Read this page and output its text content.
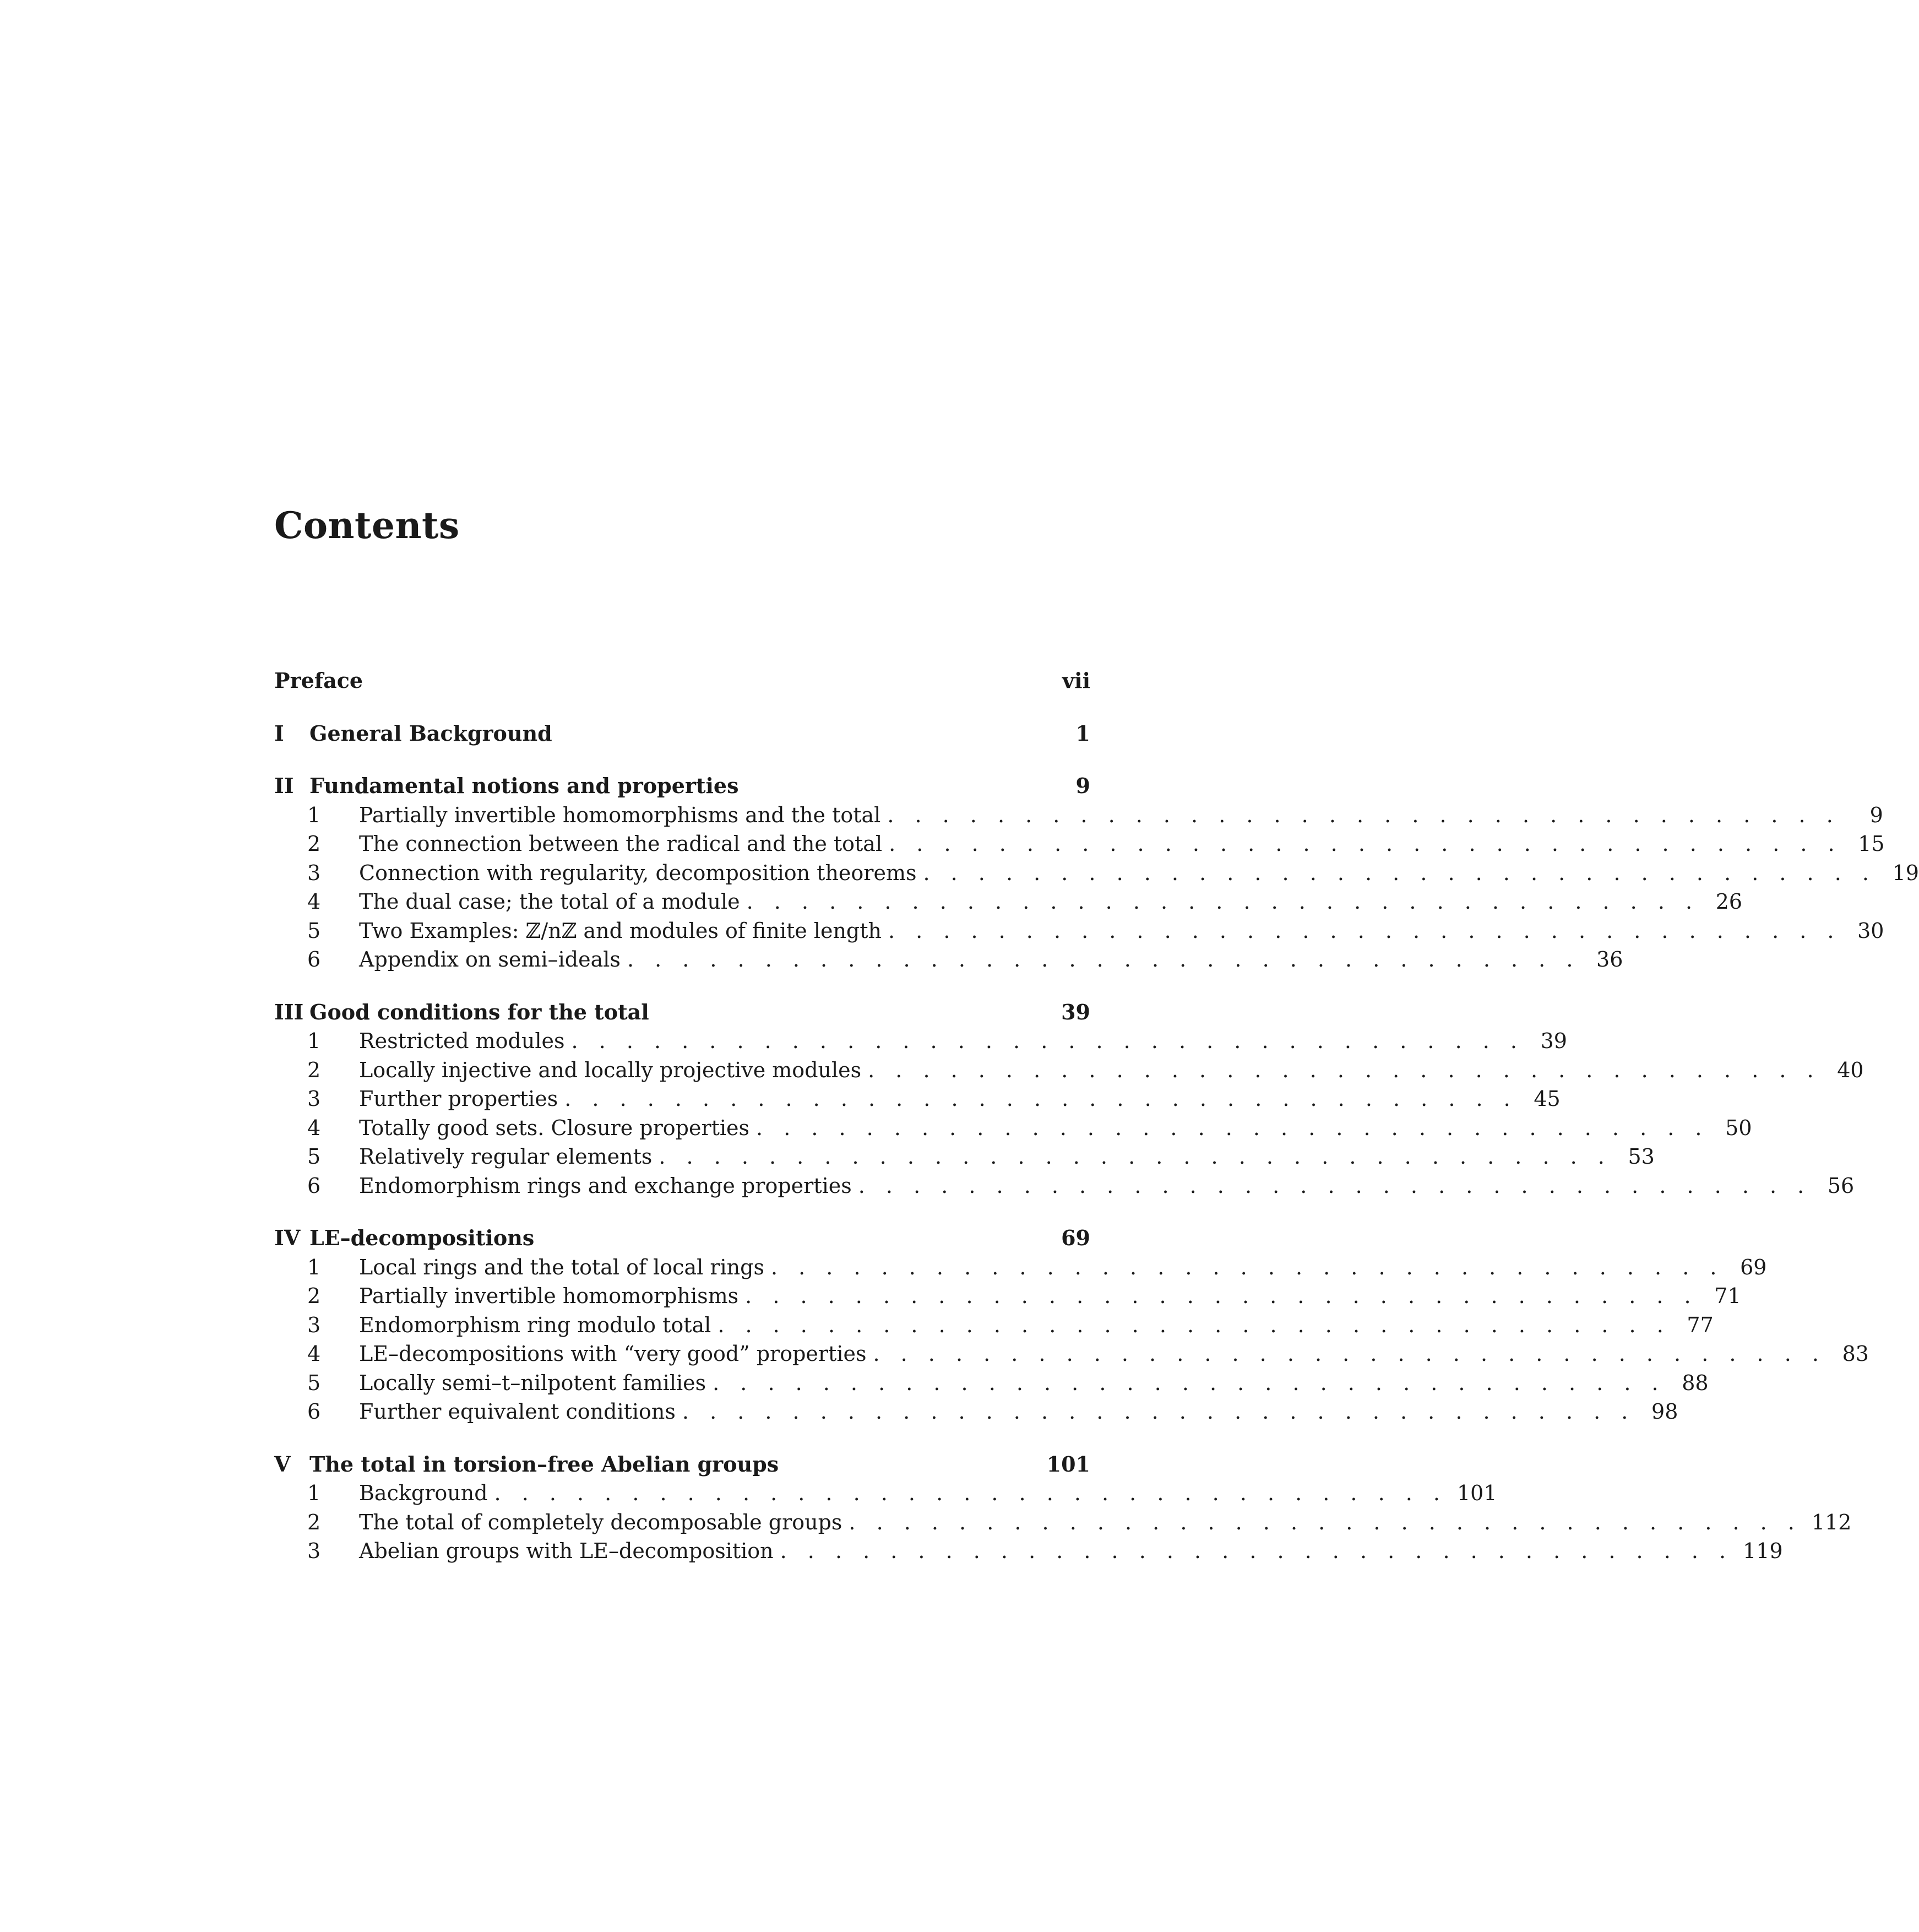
Contents
Preface	vii
I	General Background	1
II Fundamental notions and properties	9
1	Partially invertible homomorphisms and the total . . . . . . . . . . . . . . . . . . . . . . . . . . . . . . . . . . .	9
2	The connection between the radical and the total . . . . . . . . . . . . . . . . . . . . . . . . . . . . . . . . . . . 15
3	Connection with regularity, decomposition theorems . . . . . . . . . . . . . . . . . . . . . . . . . . . . . . . . . . . 19
4	The dual case; the total of a module . . . . . . . . . . . . . . . . . . . . . . . . . . . . . . . . . . . 26
5	Two Examples: ℤ/nℤ and modules of finite length . . . . . . . . . . . . . . . . . . . . . . . . . . . . . . . . . . . 30
6	Appendix on semi–ideals . . . . . . . . . . . . . . . . . . . . . . . . . . . . . . . . . . . 36
III Good conditions for the total	39
1	Restricted modules . . . . . . . . . . . . . . . . . . . . . . . . . . . . . . . . . . . 39
2	Locally injective and locally projective modules . . . . . . . . . . . . . . . . . . . . . . . . . . . . . . . . . . . 40
3	Further properties . . . . . . . . . . . . . . . . . . . . . . . . . . . . . . . . . . . 45
4	Totally good sets. Closure properties . . . . . . . . . . . . . . . . . . . . . . . . . . . . . . . . . . . 50
5	Relatively regular elements . . . . . . . . . . . . . . . . . . . . . . . . . . . . . . . . . . . 53
6	Endomorphism rings and exchange properties . . . . . . . . . . . . . . . . . . . . . . . . . . . . . . . . . . . 56
IV LE–decompositions	69
1	Local rings and the total of local rings . . . . . . . . . . . . . . . . . . . . . . . . . . . . . . . . . . . 69
2	Partially invertible homomorphisms . . . . . . . . . . . . . . . . . . . . . . . . . . . . . . . . . . . 71
3	Endomorphism ring modulo total . . . . . . . . . . . . . . . . . . . . . . . . . . . . . . . . . . . 77
4	LE–decompositions with “very good” properties . . . . . . . . . . . . . . . . . . . . . . . . . . . . . . . . . . . 83
5	Locally semi–t–nilpotent families . . . . . . . . . . . . . . . . . . . . . . . . . . . . . . . . . . . 88
6	Further equivalent conditions . . . . . . . . . . . . . . . . . . . . . . . . . . . . . . . . . . . 98
V The total in torsion–free Abelian groups	101
1	Background . . . . . . . . . . . . . . . . . . . . . . . . . . . . . . . . . . . 101
2	The total of completely decomposable groups . . . . . . . . . . . . . . . . . . . . . . . . . . . . . . . . . . . 112
3	Abelian groups with LE–decomposition . . . . . . . . . . . . . . . . . . . . . . . . . . . . . . . . . . . 119
